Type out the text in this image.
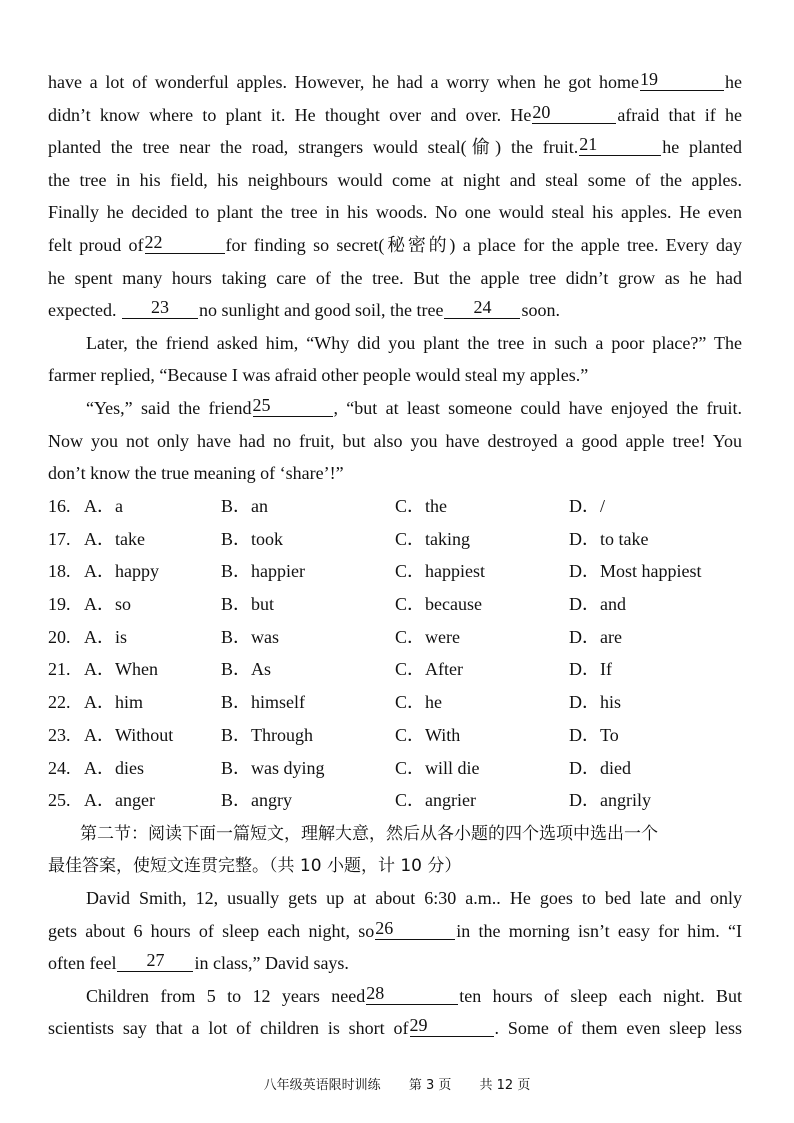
have a lot of wonderful apples. However, he had a worry when he got home19	he
didn’t know where to plant it. He thought over and over. He20	afraid that if he
planted the tree near the road, strangers would steal(偷) the fruit.21	he planted
the tree in his field, his neighbours would come at night and steal some of the apples.
Finally he decided to plant the tree in his woods. No one would steal his apples. He even
felt proud of22	for finding so secret(秘密的) a place for the apple tree. Every day
he spent many hours taking care of the tree. But the apple tree didn’t grow as he had
expected. 23 no sunlight and good soil, the tree 24 soon.
Later, the friend asked him, “Why did you plant the tree in such a poor place?” The
farmer replied, “Because I was afraid other people would steal my apples.”
“Yes,” said the friend25	, “but at least someone could have enjoyed the fruit.
Now you not only have had no fruit, but also you have destroyed a good apple tree! You
don’t know the true meaning of ‘share’!”
16. A．a	B．an	C．the	D．/
17. A．take	B．took	C．taking	D．to take
18. A．happy	B．happier	C．happiest	D．Most happiest
19. A．so	B．but	C．because	D．and
20. A．is	B．was	C．were	D．are
21. A．When	B．As	C．After	D．If
22. A．him	B．himself	C．he	D．his
23. A．Without	B．Through	C．With	D．To
24. A．dies	B．was dying	C．will die	D．died
25. A．anger	B．angry	C．angrier	D．angrily
第二节：阅读下面一篇短文，理解大意，然后从各小题的四个选项中选出一个
最佳答案，使短文连贯完整。（共 10 小题，计 10 分）
David Smith, 12, usually gets up at about 6:30 a.m.. He goes to bed late and only
gets about 6 hours of sleep each night, so26	in the morning isn’t easy for him. “I
often feel 27 in class,” David says.
Children from 5 to 12 years need28	ten hours of sleep each night. But
scientists say that a lot of children is short of29	. Some of them even sleep less
八年级英语限时训练 第 3 页 共 12 页
